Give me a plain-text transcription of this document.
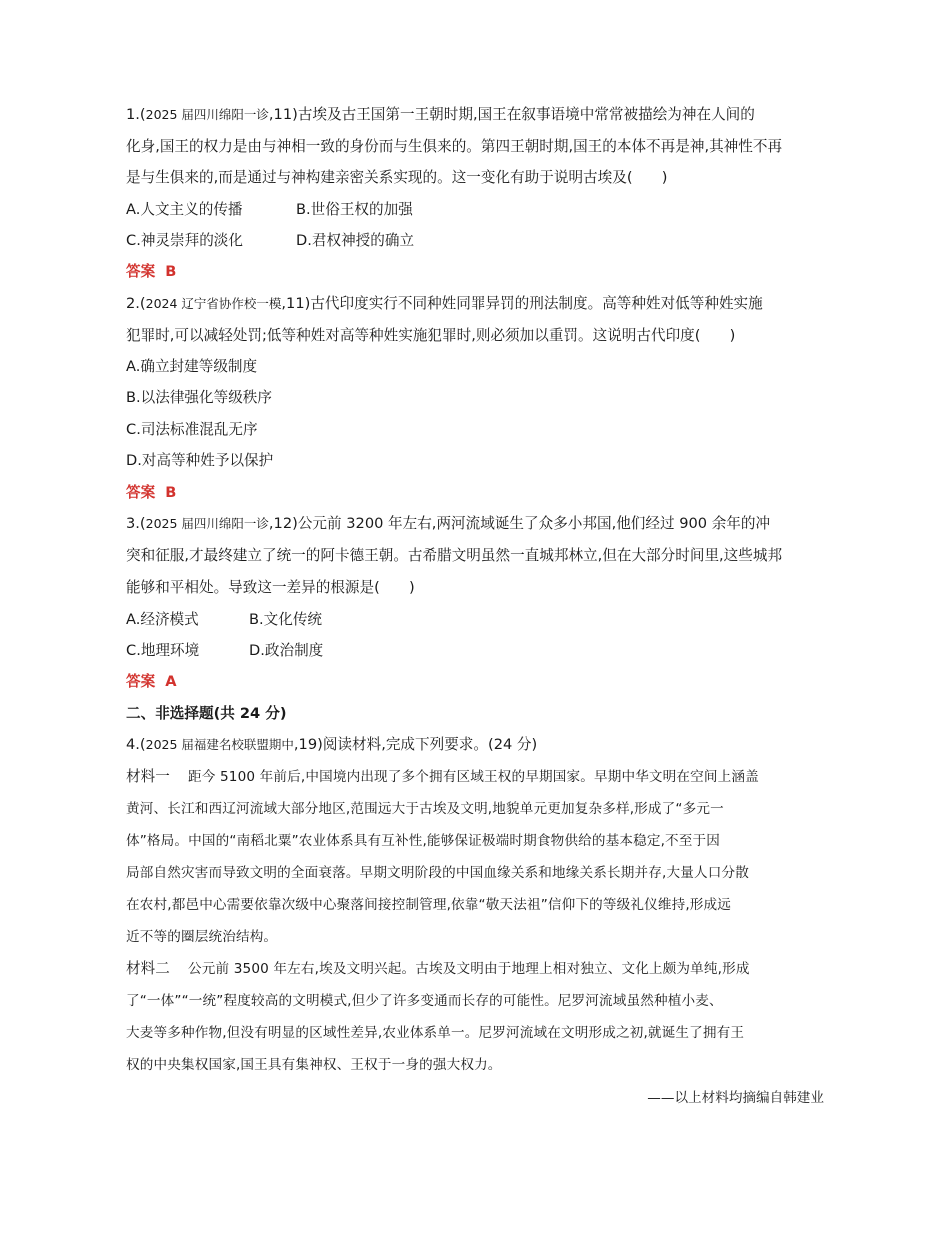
1.(2025 届四川绵阳一诊,11)古埃及古王国第一王朝时期,国王在叙事语境中常常被描绘为神在人间的
化身,国王的权力是由与神相一致的身份而与生俱来的。第四王朝时期,国王的本体不再是神,其神性不再
是与生俱来的,而是通过与神构建亲密关系实现的。这一变化有助于说明古埃及(　　)
A.人文主义的传播	B.世俗王权的加强
C.神灵崇拜的淡化	D.君权神授的确立
答案 B
2.(2024 辽宁省协作校一模,11)古代印度实行不同种姓同罪异罚的刑法制度。高等种姓对低等种姓实施
犯罪时,可以减轻处罚;低等种姓对高等种姓实施犯罪时,则必须加以重罚。这说明古代印度(　　)
A.确立封建等级制度
B.以法律强化等级秩序
C.司法标准混乱无序
D.对高等种姓予以保护
答案 B
3.(2025 届四川绵阳一诊,12)公元前 3200 年左右,两河流域诞生了众多小邦国,他们经过 900 余年的冲
突和征服,才最终建立了统一的阿卡德王朝。古希腊文明虽然一直城邦林立,但在大部分时间里,这些城邦
能够和平相处。导致这一差异的根源是(　　)
A.经济模式	B.文化传统
C.地理环境	D.政治制度
答案 A
二、非选择题(共 24 分)
4.(2025 届福建名校联盟期中,19)阅读材料,完成下列要求。(24 分)
材料一　 距今 5100 年前后,中国境内出现了多个拥有区域王权的早期国家。早期中华文明在空间上涵盖
黄河、长江和西辽河流域大部分地区,范围远大于古埃及文明,地貌单元更加复杂多样,形成了“多元一
体”格局。中国的“南稻北粟”农业体系具有互补性,能够保证极端时期食物供给的基本稳定,不至于因
局部自然灾害而导致文明的全面衰落。早期文明阶段的中国血缘关系和地缘关系长期并存,大量人口分散
在农村,都邑中心需要依靠次级中心聚落间接控制管理,依靠“敬天法祖”信仰下的等级礼仪维持,形成远
近不等的圈层统治结构。
材料二　 公元前 3500 年左右,埃及文明兴起。古埃及文明由于地理上相对独立、文化上颇为单纯,形成
了“一体”“一统”程度较高的文明模式,但少了许多变通而长存的可能性。尼罗河流域虽然种植小麦、
大麦等多种作物,但没有明显的区域性差异,农业体系单一。尼罗河流域在文明形成之初,就诞生了拥有王
权的中央集权国家,国王具有集神权、王权于一身的强大权力。
——以上材料均摘编自韩建业
